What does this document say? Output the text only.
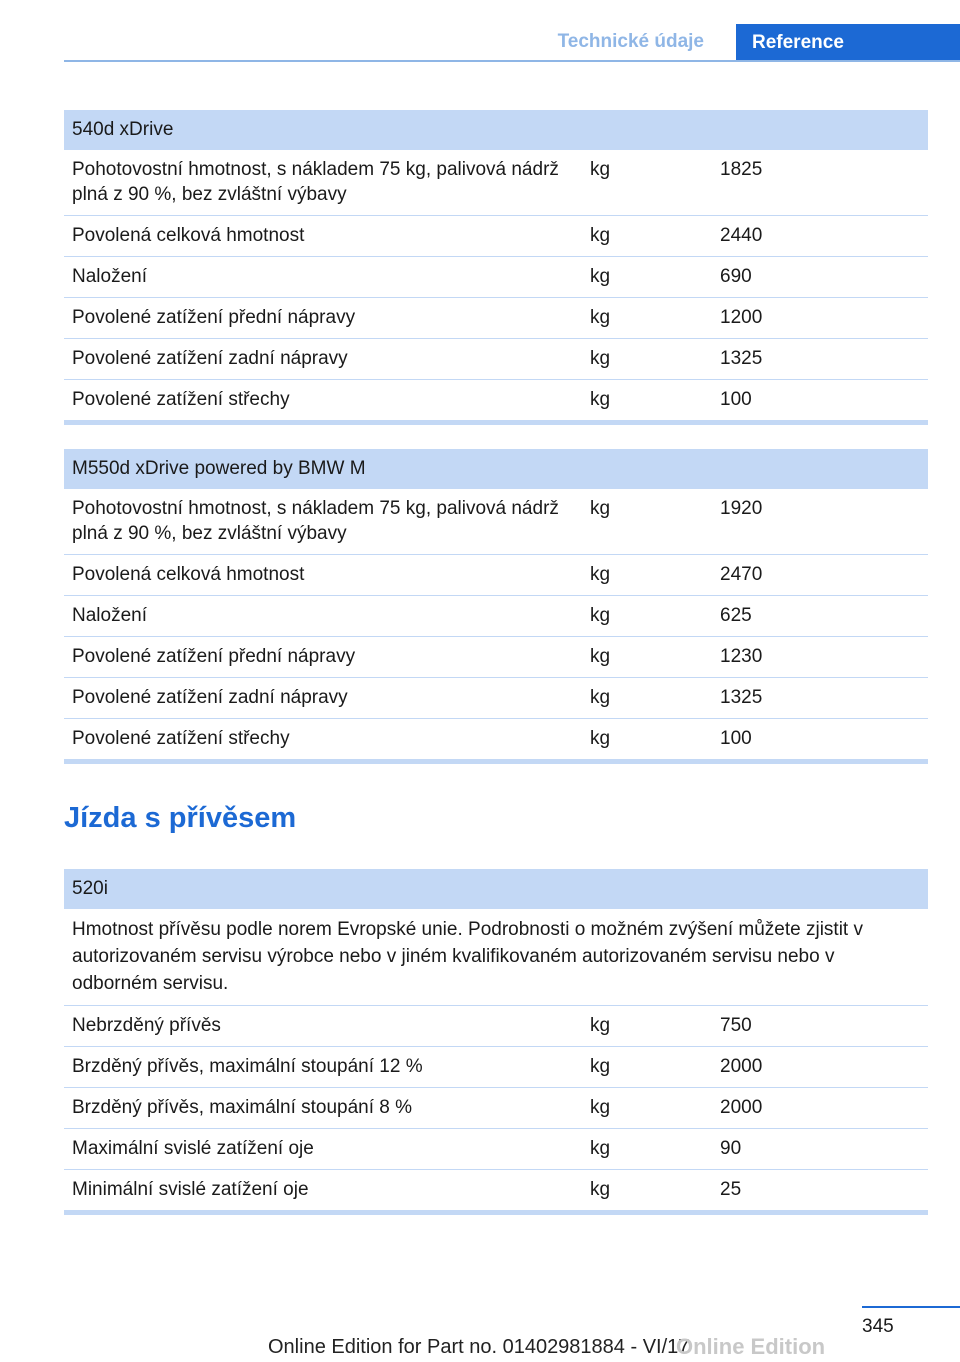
Technické údaje	Reference
540d xDrive
Pohotovostní hmotnost, s nákladem 75 kg, palivová nádrž plná z 90 %, bez zvláštní výbavy
kg	1825
Povolená celková hmotnost	kg	2440
Naložení	kg	690
Povolené zatížení přední nápravy	kg	1200
Povolené zatížení zadní nápravy	kg	1325
Povolené zatížení střechy	kg	100
M550d xDrive powered by BMW M
Pohotovostní hmotnost, s nákladem 75 kg, palivová nádrž plná z 90 %, bez zvláštní výbavy
kg	1920
Povolená celková hmotnost	kg	2470
Naložení	kg	625
Povolené zatížení přední nápravy	kg	1230
Povolené zatížení zadní nápravy	kg	1325
Povolené zatížení střechy	kg	100
Jízda s přívěsem
520i
Hmotnost přívěsu podle norem Evropské unie. Podrobnosti o možném zvýšení můžete zjistit v autorizovaném servisu výrobce nebo v jiném kvalifikovaném autorizovaném servisu nebo v odborném servisu.
Nebrzděný přívěs	kg	750
Brzděný přívěs, maximální stoupání 12 %	kg	2000
Brzděný přívěs, maximální stoupání 8 %	kg	2000
Maximální svislé zatížení oje	kg	90
Minimální svislé zatížení oje	kg	25
345
Online Edition for Part no. 01402981884 - VI/17
Online Edition
